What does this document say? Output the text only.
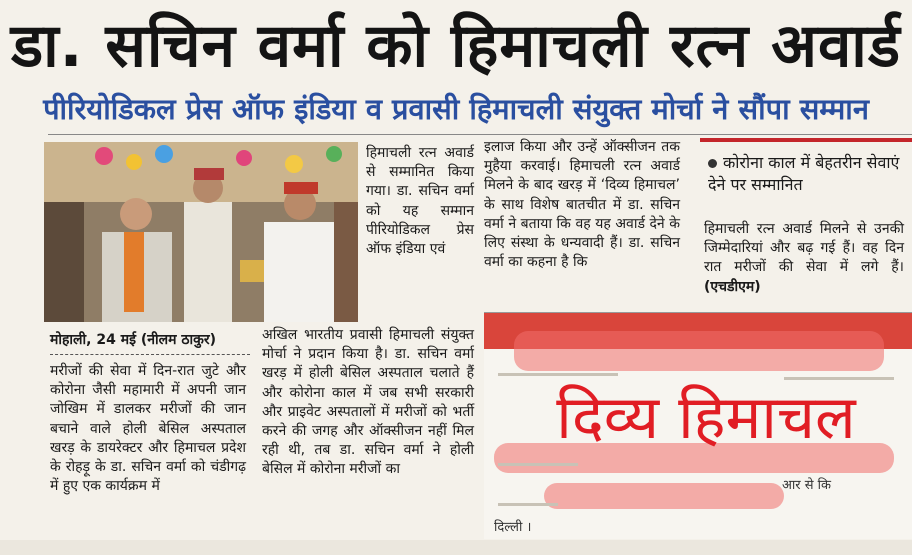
डा. सचिन वर्मा को हिमाचली रत्न अवार्ड
पीरियोडिकल प्रेस ऑफ इंडिया व प्रवासी हिमाचली संयुक्त मोर्चा ने सौंपा सम्मान

हिमाचली रत्न अवार्ड से सम्मानित किया गया। डा. सचिन वर्मा को यह सम्मान पीरियोडिकल प्रेस ऑफ इंडिया एवं

मोहाली, 24 मई (नीलम ठाकुर)

मरीजों की सेवा में दिन-रात जुटे और कोरोना जैसी महामारी में अपनी जान जोखिम में डालकर मरीजों की जान बचाने वाले होली बेसिल अस्पताल खरड़ के डायरेक्टर और हिमाचल प्रदेश के रोहड़ू के डा. सचिन वर्मा को चंडीगढ़ में हुए एक कार्यक्रम में

अखिल भारतीय प्रवासी हिमाचली संयुक्त मोर्चा ने प्रदान किया है। डा. सचिन वर्मा खरड़ में होली बेसिल अस्पताल चलाते हैं और कोरोना काल में जब सभी सरकारी और प्राइवेट अस्पतालों में मरीजों को भर्ती करने की जगह और ऑक्सीजन नहीं मिल रही थी, तब डा. सचिन वर्मा ने होली बेसिल में कोरोना मरीजों का

इलाज किया और उन्हें ऑक्सीजन तक मुहैया करवाई। हिमाचली रत्न अवार्ड मिलने के बाद खरड़ में ‘दिव्य हिमाचल’ के साथ विशेष बातचीत में डा. सचिन वर्मा ने बताया कि वह यह अवार्ड देने के लिए संस्था के धन्यवादी हैं। डा. सचिन वर्मा का कहना है कि

कोरोना काल में बेहतरीन सेवाएं देने पर सम्मानित

हिमाचली रत्न अवार्ड मिलने से उनकी जिम्मेदारियां और बढ़ गई हैं। वह दिन रात मरीजों की सेवा में लगे हैं। (एचडीएम)

दिव्य हिमाचल
आर से कि
दिल्ली ।
